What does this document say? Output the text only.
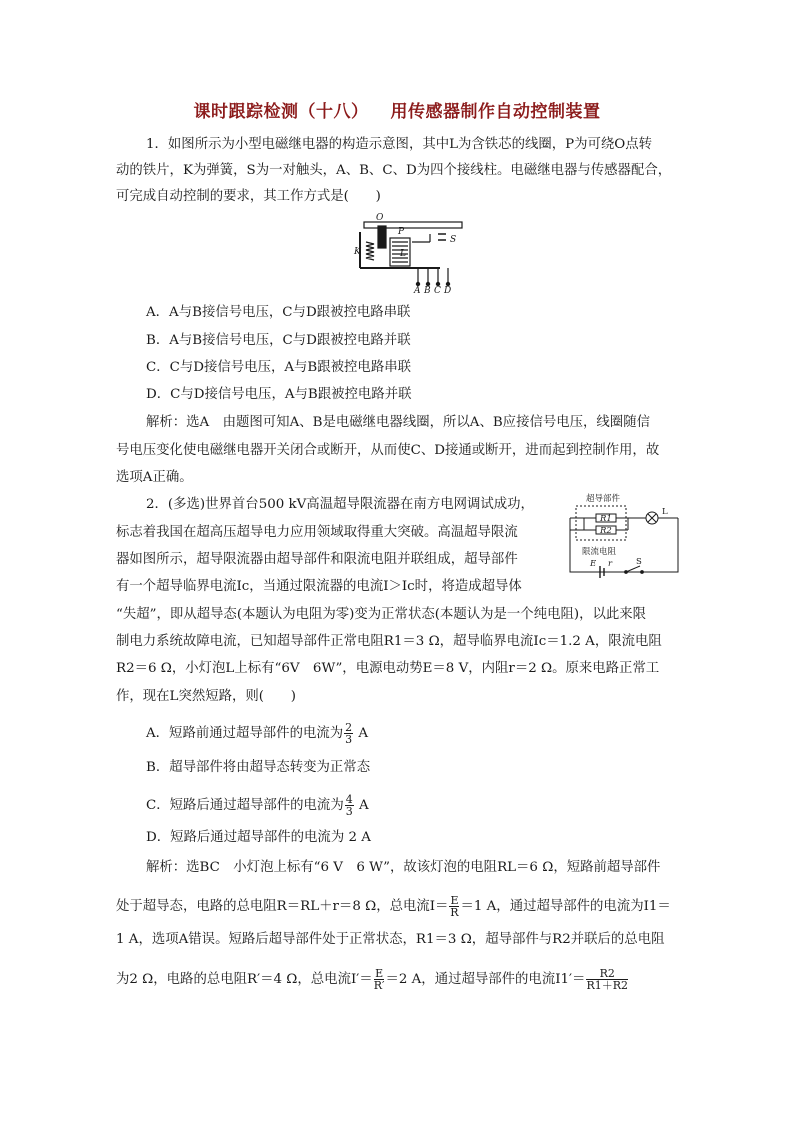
课时跟踪检测（十八） 用传感器制作自动控制装置
1．如图所示为小型电磁继电器的构造示意图，其中L为含铁芯的线圈，P为可绕O点转
动的铁片，K为弹簧，S为一对触头，A、B、C、D为四个接线柱。电磁继电器与传感器配合，
可完成自动控制的要求，其工作方式是(　　)
O
P
K	L
S
A B C D
A．A与B接信号电压，C与D跟被控电路串联
B．A与B接信号电压，C与D跟被控电路并联
C．C与D接信号电压，A与B跟被控电路串联
D．C与D接信号电压，A与B跟被控电路并联
解析：选A　由题图可知A、B是电磁继电器线圈，所以A、B应接信号电压，线圈随信
号电压变化使电磁继电器开关闭合或断开，从而使C、D接通或断开，进而起到控制作用，故
选项A正确。
2．(多选)世界首台500 kV高温超导限流器在南方电网调试成功，
标志着我国在超高压超导电力应用领域取得重大突破。高温超导限流
器如图所示，超导限流器由超导部件和限流电阻并联组成，超导部件
有一个超导临界电流Ic，当通过限流器的电流I＞Ic时，将造成超导体
“失超”，即从超导态(本题认为电阻为零)变为正常状态(本题认为是一个纯电阻)，以此来限
制电力系统故障电流，已知超导部件正常电阻R1＝3 Ω，超导临界电流Ic＝1.2 A，限流电阻
R2＝6 Ω，小灯泡L上标有“6V　6W”，电源电动势E＝8 V，内阻r＝2 Ω。原来电路正常工
作，现在L突然短路，则(　　)
超导部件
限流电阻
R1
R2
L
E r	S
A．短路前通过超导部件的电流为 $\frac{2}{3}$ A
B．超导部件将由超导态转变为正常态
C．短路后通过超导部件的电流为 $\frac{4}{3}$ A
D．短路后通过超导部件的电流为 2 A
解析：选BC　小灯泡上标有“6 V　6 W”，故该灯泡的电阻RL＝6 Ω，短路前超导部件
处于超导态，电路的总电阻R＝RL＋r＝8 Ω，总电流$I= \frac{E}{R} =1$ A，通过超导部件的电流为I1＝
1 A，选项A错误。短路后超导部件处于正常状态，R1＝3 Ω，超导部件与R2并联后的总电阻
为2 Ω，电路的总电阻R′＝4 Ω，总电流$I'= \frac{E}{R'} =2$ A，通过超导部件的电流$I1'= \frac{R2}{R1+R2}$
